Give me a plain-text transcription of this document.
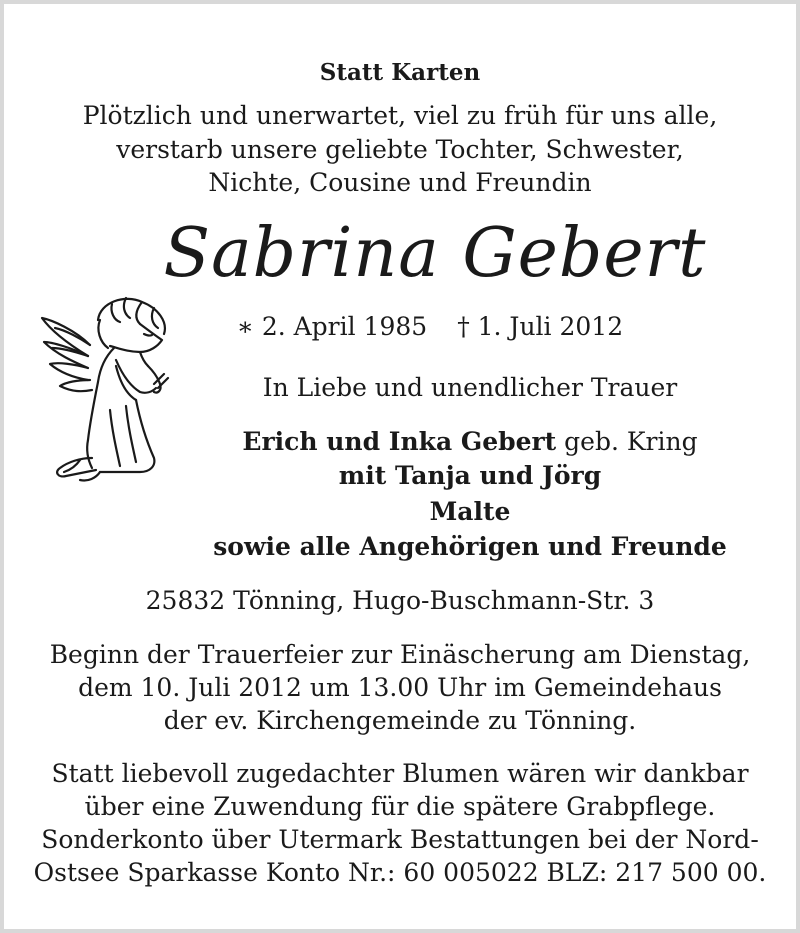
Statt Karten
Plötzlich und unerwartet, viel zu früh für uns alle,
verstarb unsere geliebte Tochter, Schwester,
Nichte, Cousine und Freundin
Sabrina Gebert
∗ 2. April 1985 † 1. Juli 2012
In Liebe und unendlicher Trauer
Erich und Inka Gebert geb. Kring
mit Tanja und Jörg
Malte
sowie alle Angehörigen und Freunde
25832 Tönning, Hugo-Buschmann-Str. 3
Beginn der Trauerfeier zur Einäscherung am Dienstag,
dem 10. Juli 2012 um 13.00 Uhr im Gemeindehaus
der ev. Kirchengemeinde zu Tönning.
Statt liebevoll zugedachter Blumen wären wir dankbar
über eine Zuwendung für die spätere Grabpflege.
Sonderkonto über Utermark Bestattungen bei der Nord-
Ostsee Sparkasse Konto Nr.: 60 005022 BLZ: 217 500 00.
